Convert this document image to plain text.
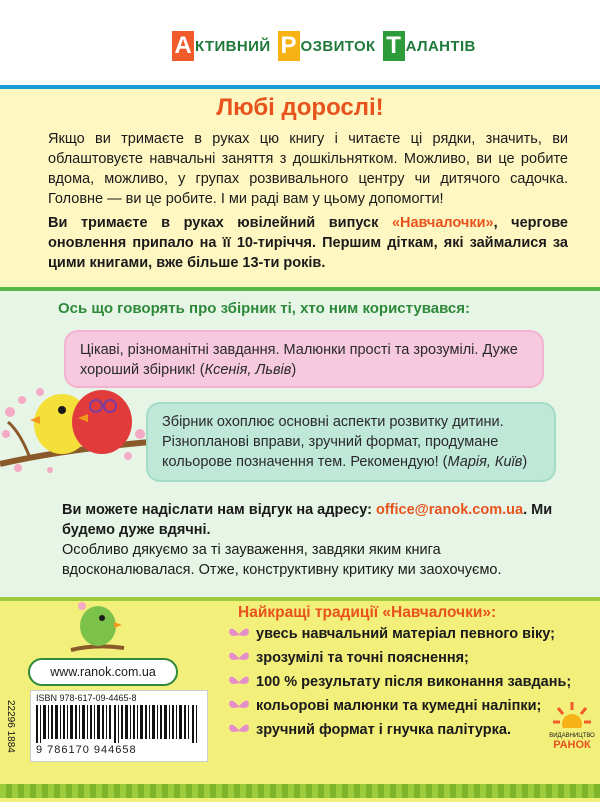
А КТИВНИЙ Р ОЗВИТОК Т АЛАНТІВ
Любі дорослі!
Якщо ви тримаєте в руках цю книгу і читаєте ці рядки, значить, ви облаштовуєте навчальні заняття з дошкільнятком. Можливо, ви це робите вдома, можливо, у групах розвивального центру чи дитячого садочка. Головне — ви це робите. І ми раді вам у цьому допомогти!
Ви тримаєте в руках ювілейний випуск «Навчалочки», чергове оновлення припало на її 10-тиріччя. Першим діткам, які займалися за цими книгами, вже більше 13-ти років.
Ось що говорять про збірник ті, хто ним користувався:
Цікаві, різноманітні завдання. Малюнки прості та зрозумілі. Дуже хороший збірник! (Ксенія, Львів)
Збірник охоплює основні аспекти розвитку дитини. Різнопланові вправи, зручний формат, продумане кольорове позначення тем. Рекомендую! (Марія, Київ)
Ви можете надіслати нам відгук на адресу: office@ranok.com.ua. Ми будемо дуже вдячні.
Особливо дякуємо за ті зауваження, завдяки яким книга вдосконалювалася. Отже, конструктивну критику ми заохочуємо.
Найкращі традиції «Навчалочки»:
увесь навчальний матеріал певного віку;
зрозумілі та точні пояснення;
100 % результату після виконання завдань;
кольорові малюнки та кумедні наліпки;
зручний формат і гнучка палітурка.
www.ranok.com.ua
ISBN 978-617-09-4465-8
9 786170 944658
22296 1884	ВИДАВНИЦТВО
РАНОК
